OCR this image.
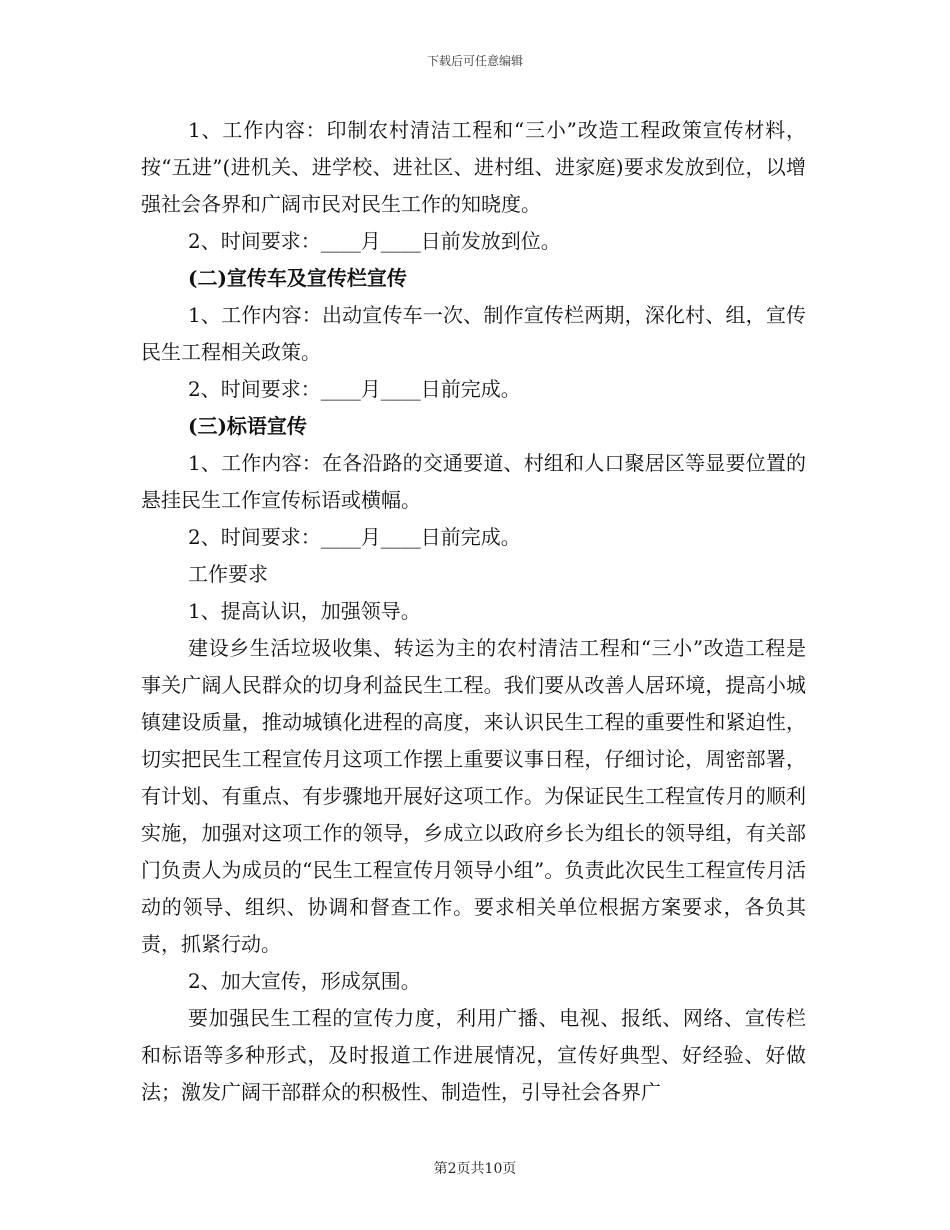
下载后可任意编辑

1、工作内容：印制农村清洁工程和“三小”改造工程政策宣传材料，按“五进”(进机关、进学校、进社区、进村组、进家庭)要求发放到位，以增强社会各界和广阔市民对民生工作的知晓度。

2、时间要求：____月____日前发放到位。

(二)宣传车及宣传栏宣传

1、工作内容：出动宣传车一次、制作宣传栏两期，深化村、组，宣传民生工程相关政策。

2、时间要求：____月____日前完成。

(三)标语宣传

1、工作内容：在各沿路的交通要道、村组和人口聚居区等显要位置的悬挂民生工作宣传标语或横幅。

2、时间要求：____月____日前完成。

工作要求

1、提高认识，加强领导。

建设乡生活垃圾收集、转运为主的农村清洁工程和“三小”改造工程是事关广阔人民群众的切身利益民生工程。我们要从改善人居环境，提高小城镇建设质量，推动城镇化进程的高度，来认识民生工程的重要性和紧迫性，切实把民生工程宣传月这项工作摆上重要议事日程，仔细讨论，周密部署，有计划、有重点、有步骤地开展好这项工作。为保证民生工程宣传月的顺利实施，加强对这项工作的领导，乡成立以政府乡长为组长的领导组，有关部门负责人为成员的“民生工程宣传月领导小组”。负责此次民生工程宣传月活动的领导、组织、协调和督查工作。要求相关单位根据方案要求，各负其责，抓紧行动。

2、加大宣传，形成氛围。

要加强民生工程的宣传力度，利用广播、电视、报纸、网络、宣传栏和标语等多种形式，及时报道工作进展情况，宣传好典型、好经验、好做法；激发广阔干部群众的积极性、制造性，引导社会各界广

第2页共10页
